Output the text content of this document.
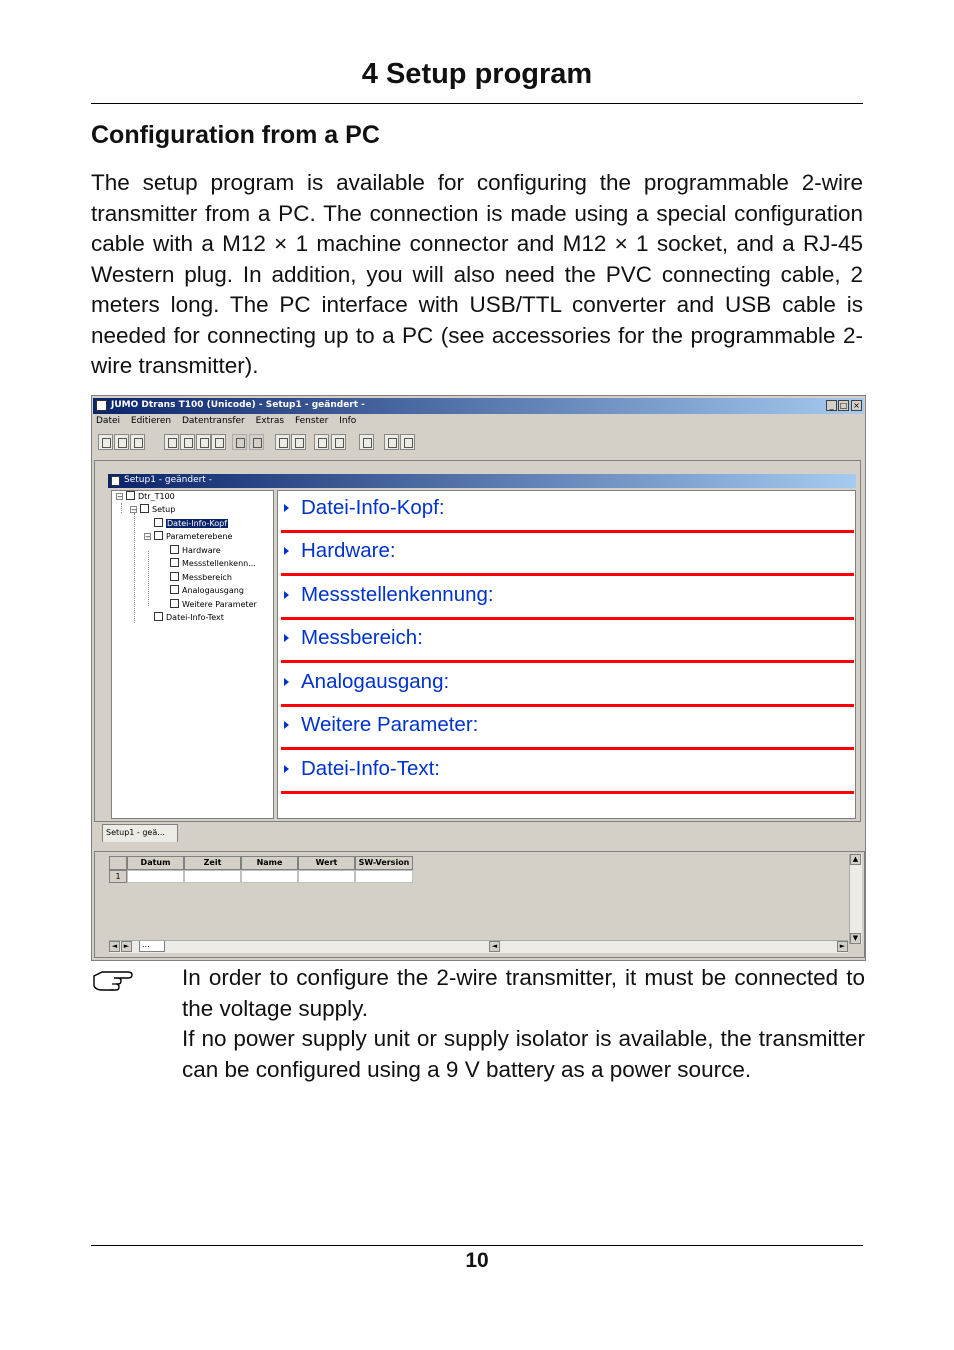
4 Setup program
Configuration from a PC

The setup program is available for configuring the programmable 2-wire transmitter from a PC. The connection is made using a special configuration cable with a M12 × 1 machine connector and M12 × 1 socket, and a RJ-45 Western plug. In addition, you will also need the PVC connecting cable, 2 meters long. The PC interface with USB/TTL converter and USB cable is needed for connecting up to a PC (see accessories for the programmable 2-wire transmitter).

JUMO Dtrans T100 (Unicode) - Setup1 - geändert -	_ □ ×
Datei Editieren Datentransfer Extras Fenster Info
Setup1 - geändert -
− Dtr_T100
− Setup
Datei-Info-Kopf
− Parameterebene
Hardware
Messstellenkenn...
Messbereich
Analogausgang
Weitere Parameter
Datei-Info-Text
Datei-Info-Kopf:
Hardware:
Messstellenkennung:
Messbereich:
Analogausgang:
Weitere Parameter:
Datei-Info-Text:
Setup1 - geä...
Datum	Zeit	Name	Wert	SW-Version
1
▲
▼
◄ ►	...	◄	►
In order to configure the 2-wire transmitter, it must be connected to the voltage supply.
If no power supply unit or supply isolator is available, the transmitter can be configured using a 9 V battery as a power source.
10
